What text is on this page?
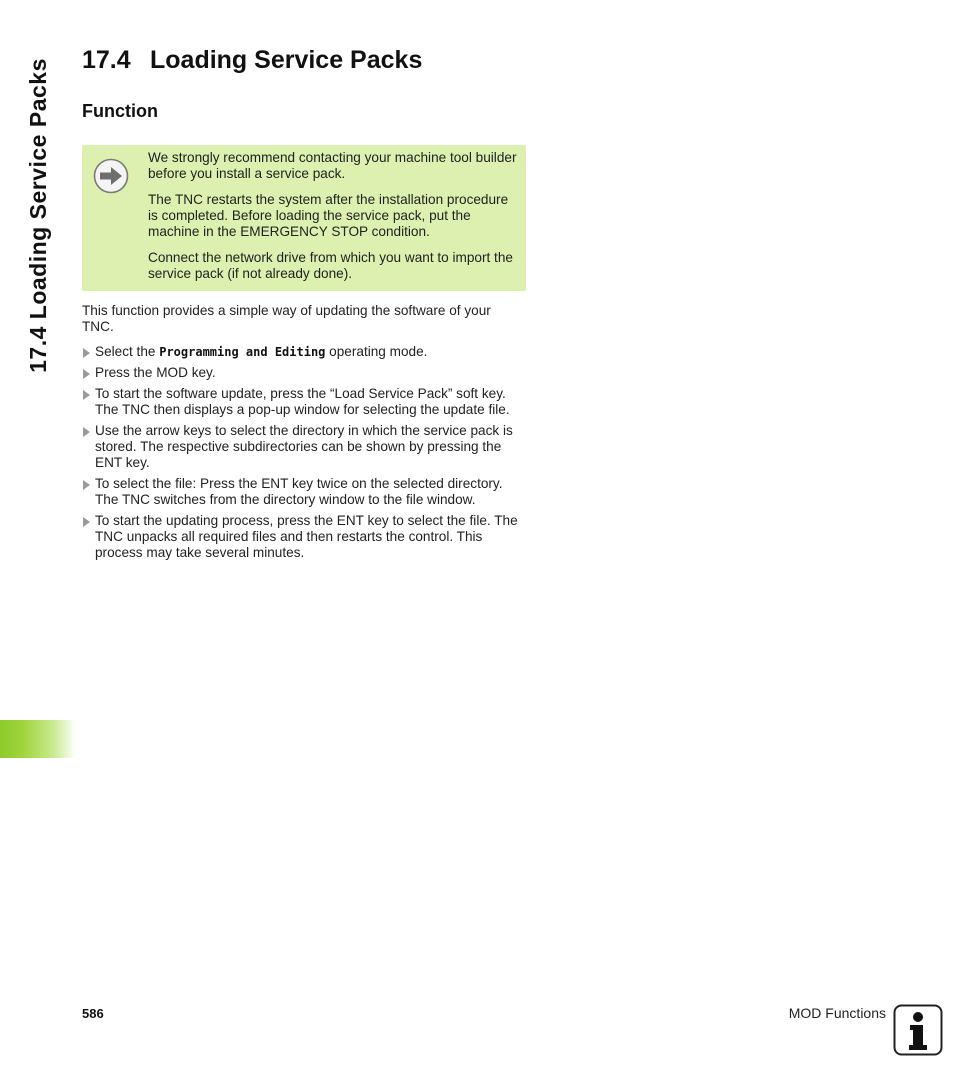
17.4 Loading Service Packs 17.4 Loading Service Packs
Function

We strongly recommend contacting your machine tool builder before you install a service pack.

The TNC restarts the system after the installation procedure is completed. Before loading the service pack, put the machine in the EMERGENCY STOP condition.

Connect the network drive from which you want to import the service pack (if not already done).

This function provides a simple way of updating the software of your TNC.

Select the Programming and Editing operating mode.
Press the MOD key.
To start the software update, press the “Load Service Pack” soft key. The TNC then displays a pop-up window for selecting the update file.
Use the arrow keys to select the directory in which the service pack is stored. The respective subdirectories can be shown by pressing the ENT key.
To select the file: Press the ENT key twice on the selected directory. The TNC switches from the directory window to the file window.
To start the updating process, press the ENT key to select the file. The TNC unpacks all required files and then restarts the control. This process may take several minutes.
586	MOD Functions
